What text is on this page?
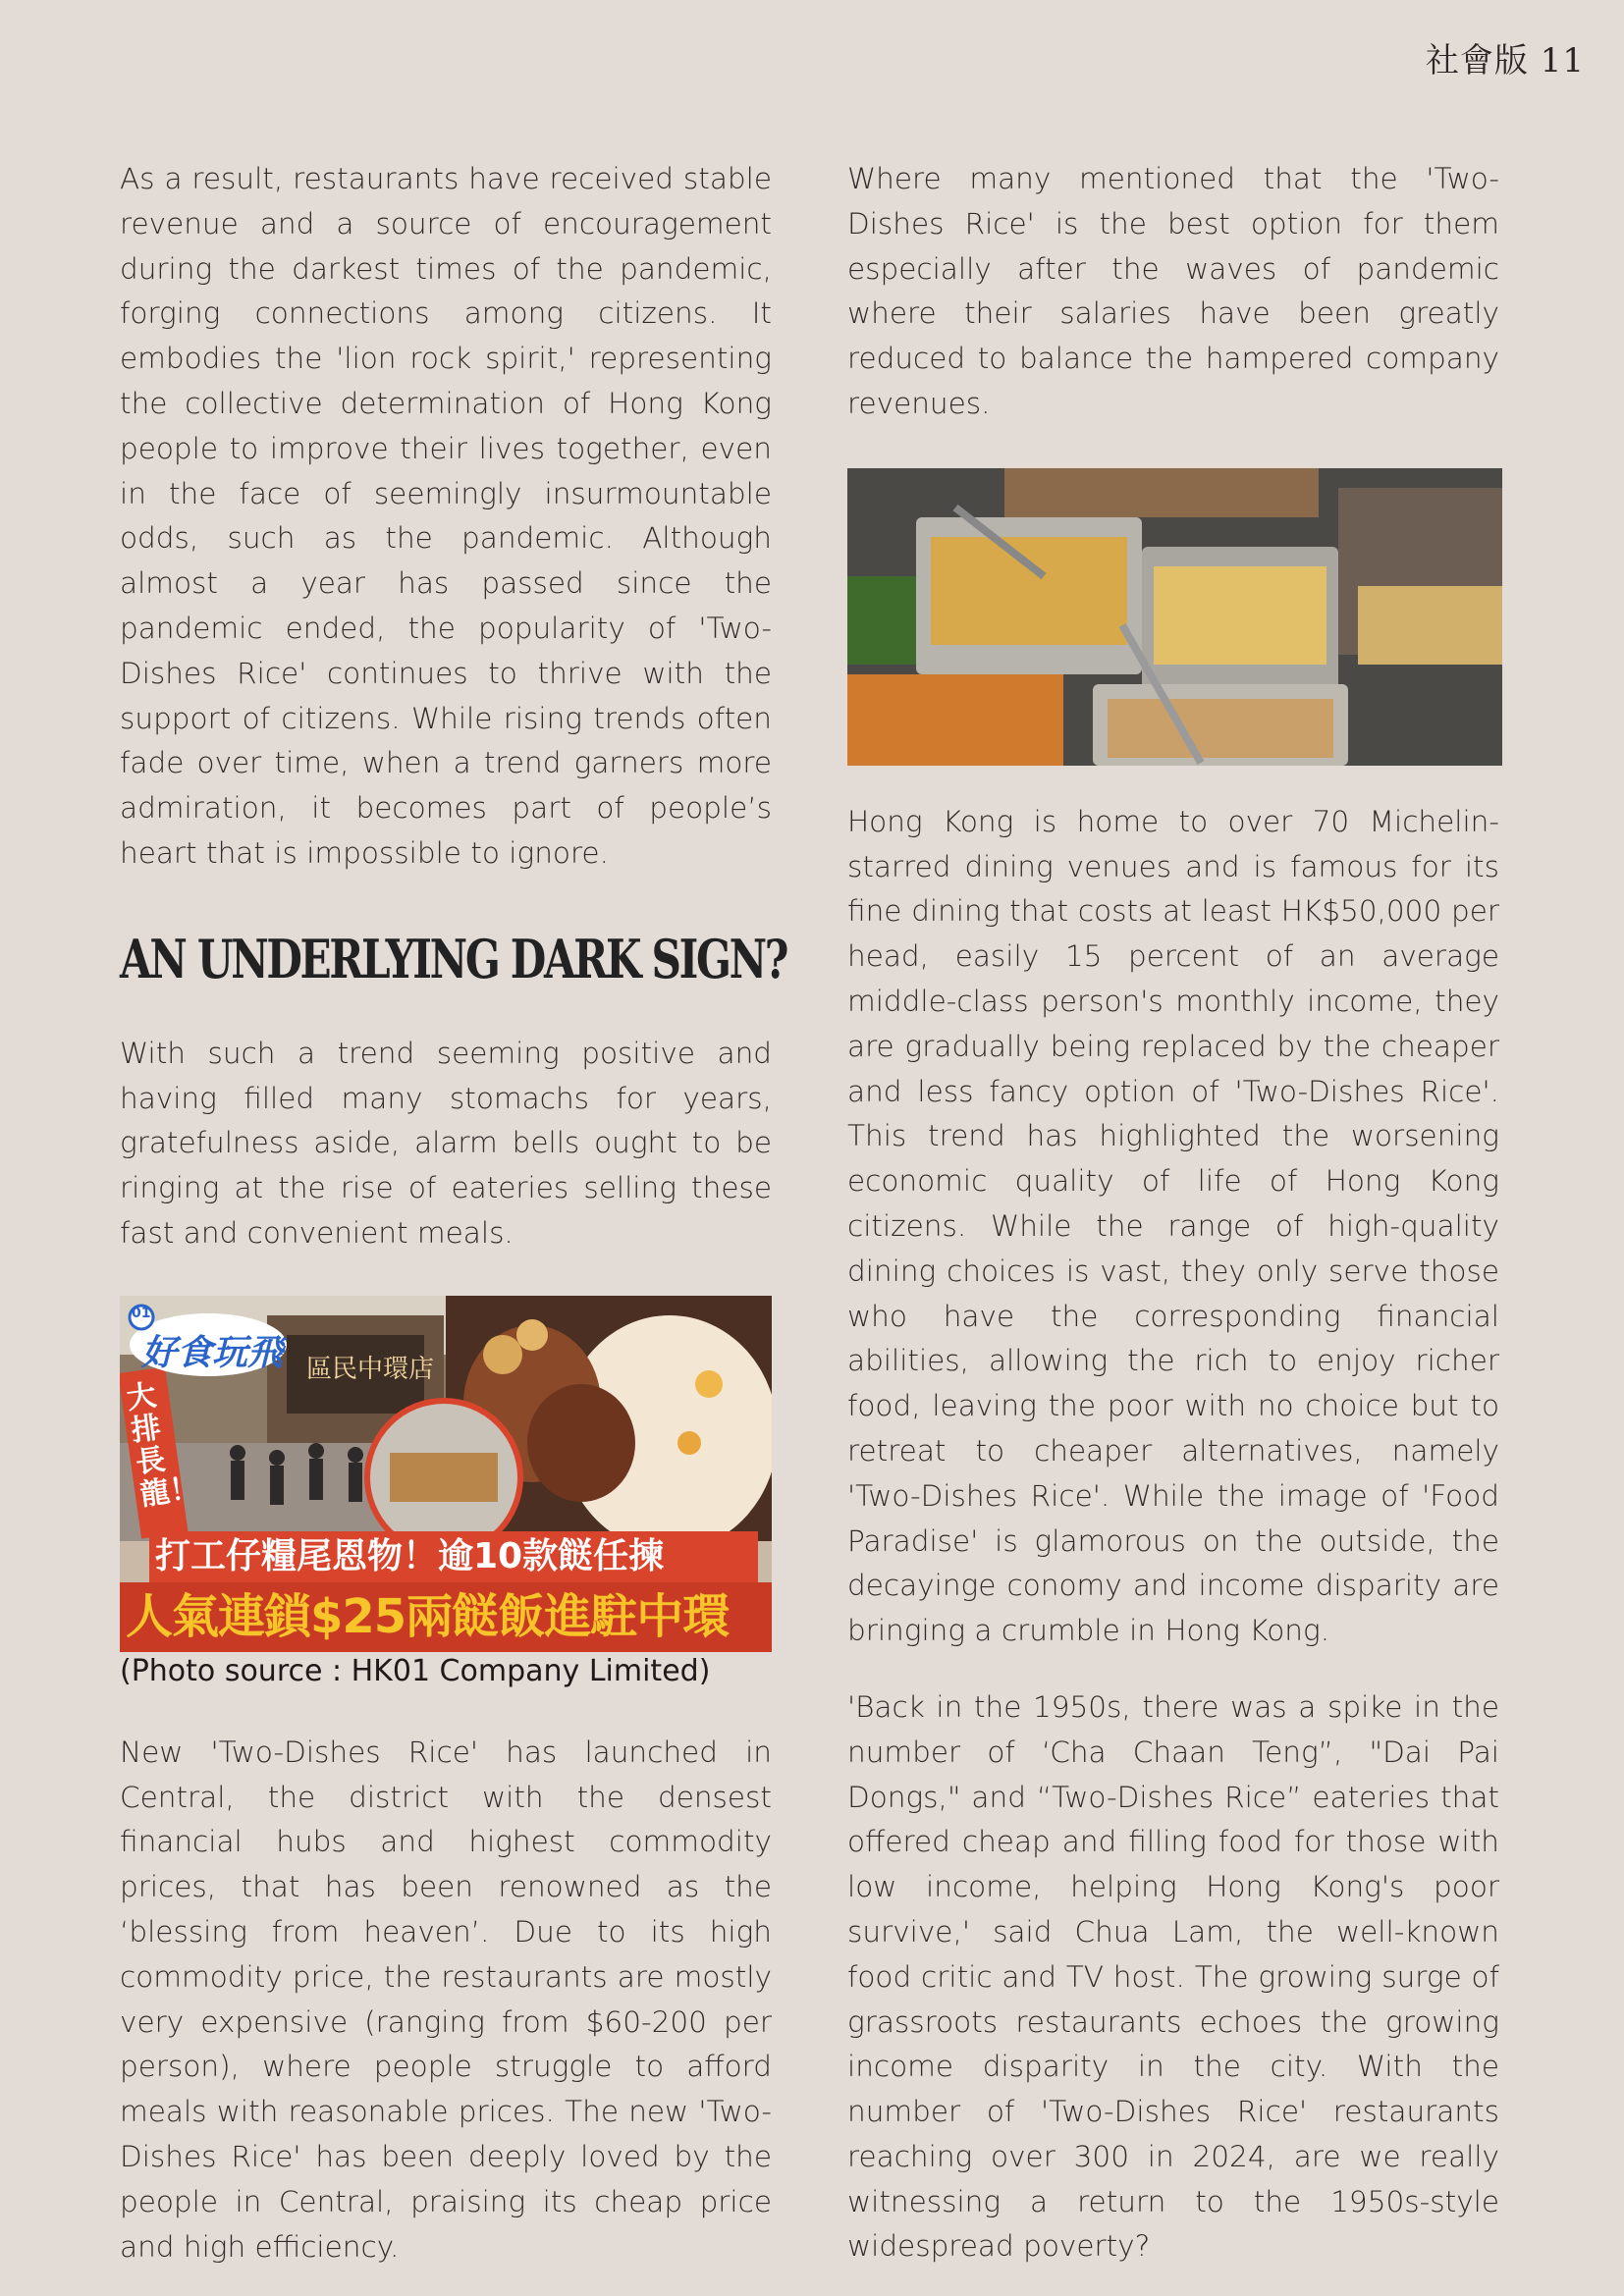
社會版 11

As a result, restaurants have received stable revenue and a source of encouragement during the darkest times of the pandemic, forging connections among citizens. It embodies the 'lion rock spirit,' representing the collective determination of Hong Kong people to improve their lives together, even in the face of seemingly insurmountable odds, such as the pandemic. Although almost a year has passed since the pandemic ended, the popularity of 'Two-Dishes Rice' continues to thrive with the support of citizens. While rising trends often fade over time, when a trend garners more admiration, it becomes part of people’s heart that is impossible to ignore.

AN UNDERLYING DARK SIGN?

With such a trend seeming positive and having filled many stomachs for years, gratefulness aside, alarm bells ought to be ringing at the rise of eateries selling these fast and convenient meals.

01
好食玩飛 區民中環店
大排長龍！
打工仔糧尾恩物！逾10款餸任揀
人氣連鎖$25兩餸飯進駐中環

(Photo source : HK01 Company Limited)

New 'Two-Dishes Rice' has launched in Central, the district with the densest financial hubs and highest commodity prices, that has been renowned as the ‘blessing from heaven’. Due to its high commodity price, the restaurants are mostly very expensive (ranging from $60-200 per person), where people struggle to afford meals with reasonable prices. The new 'Two-Dishes Rice' has been deeply loved by the people in Central, praising its cheap price and high efficiency.

Where many mentioned that the 'Two-Dishes Rice' is the best option for them especially after the waves of pandemic where their salaries have been greatly reduced to balance the hampered company revenues.

Hong Kong is home to over 70 Michelin-starred dining venues and is famous for its fine dining that costs at least HK$50,000 per head, easily 15 percent of an average middle-class person's monthly income, they are gradually being replaced by the cheaper and less fancy option of 'Two-Dishes Rice'. This trend has highlighted the worsening economic quality of life of Hong Kong citizens. While the range of high-quality dining choices is vast, they only serve those who have the corresponding financial abilities, allowing the rich to enjoy richer food, leaving the poor with no choice but to retreat to cheaper alternatives, namely 'Two-Dishes Rice'. While the image of 'Food Paradise' is glamorous on the outside, the decayinge conomy and income disparity are bringing a crumble in Hong Kong.

'Back in the 1950s, there was a spike in the number of ‘Cha Chaan Teng”, "Dai Pai Dongs," and “Two-Dishes Rice” eateries that offered cheap and filling food for those with low income, helping Hong Kong's poor survive,' said Chua Lam, the well-known food critic and TV host. The growing surge of grassroots restaurants echoes the growing income disparity in the city. With the number of 'Two-Dishes Rice' restaurants reaching over 300 in 2024, are we really witnessing a return to the 1950s-style widespread poverty?
